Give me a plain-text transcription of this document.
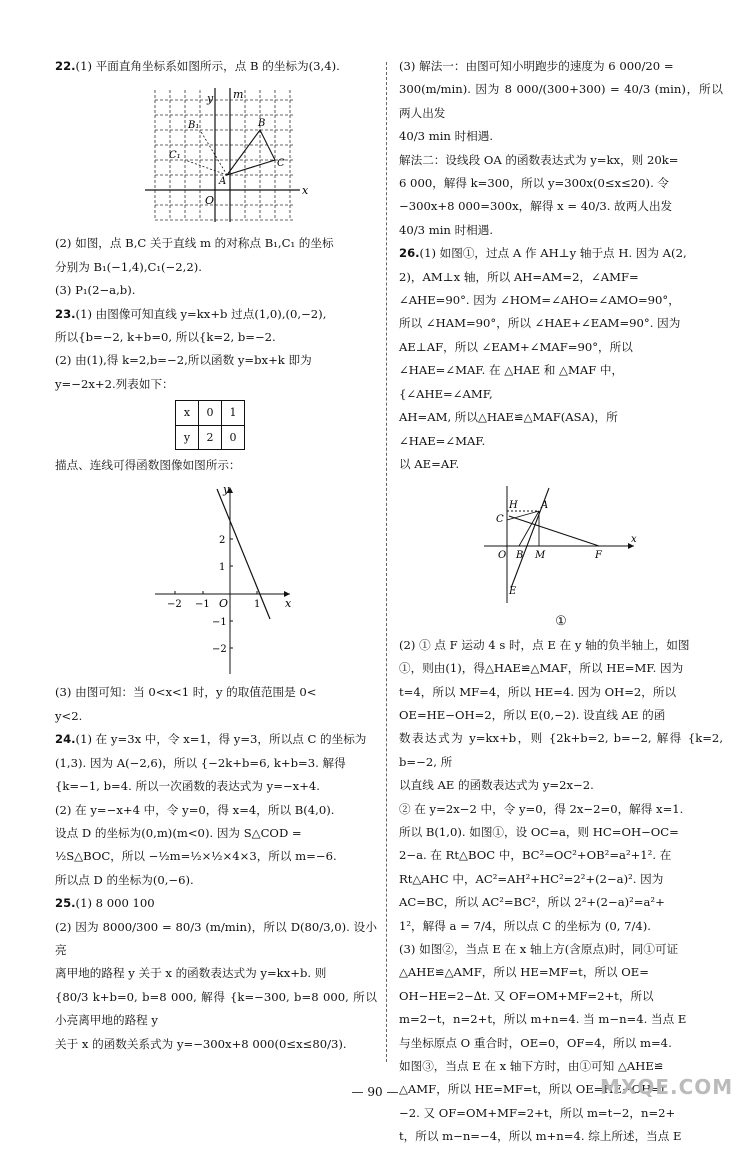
22.(1) 平面直角坐标系如图所示，点 B 的坐标为(3,4).

y m
x
O
A
B
C
B₁
C₁

(2) 如图，点 B,C 关于直线 m 的对称点 B₁,C₁ 的坐标

分别为 B₁(−1,4),C₁(−2,2).

(3) P₁(2−a,b).

23.(1) 由图像可知直线 y=kx+b 过点(1,0),(0,−2),

所以{b=−2, k+b=0, 所以{k=2, b=−2.

(2) 由(1),得 k=2,b=−2,所以函数 y=bx+k 即为

y=−2x+2.列表如下：

x	0	1
y	2	0

描点、连线可得函数图像如图所示：

y
x
O
2
1
−1
−2
−2 −1	1

(3) 由图可知：当 0<x<1 时，y 的取值范围是 0<

y<2.

24.(1) 在 y=3x 中，令 x=1，得 y=3，所以点 C 的坐标为

(1,3). 因为 A(−2,6)，所以 {−2k+b=6, k+b=3. 解得

{k=−1, b=4. 所以一次函数的表达式为 y=−x+4.

(2) 在 y=−x+4 中，令 y=0，得 x=4，所以 B(4,0).

设点 D 的坐标为(0,m)(m<0). 因为 S△COD =

½S△BOC，所以 −½m=½×½×4×3，所以 m=−6.

所以点 D 的坐标为(0,−6).

25.(1) 8 000 100

(2) 因为 8000/300 = 80/3 (m/min)，所以 D(80/3,0). 设小亮

离甲地的路程 y 关于 x 的函数表达式为 y=kx+b. 则

{80/3 k+b=0, b=8 000, 解得 {k=−300, b=8 000, 所以小亮离甲地的路程 y

关于 x 的函数关系式为 y=−300x+8 000(0≤x≤80/3).

(3) 解法一：由图可知小明跑步的速度为 6 000/20 =

300(m/min). 因为 8 000/(300+300) = 40/3 (min)，所以两人出发

40/3 min 时相遇.

解法二：设线段 OA 的函数表达式为 y=kx，则 20k=

6 000，解得 k=300，所以 y=300x(0≤x≤20). 令

−300x+8 000=300x，解得 x = 40/3. 故两人出发

40/3 min 时相遇.

26.(1) 如图①，过点 A 作 AH⊥y 轴于点 H. 因为 A(2,

2)，AM⊥x 轴，所以 AH=AM=2，∠AMF=

∠AHE=90°. 因为 ∠HOM=∠AHO=∠AMO=90°，

所以 ∠HAM=90°，所以 ∠HAE+∠EAM=90°. 因为

AE⊥AF，所以 ∠EAM+∠MAF=90°，所以

∠HAE=∠MAF. 在 △HAE 和 △MAF 中，

{∠AHE=∠AMF,

AH=AM, 所以△HAE≌△MAF(ASA)，所

∠HAE=∠MAF.

以 AE=AF.

C
H A
O B M	F
E
x

①

(2) ① 点 F 运动 4 s 时，点 E 在 y 轴的负半轴上，如图

①，则由(1)，得△HAE≌△MAF，所以 HE=MF. 因为

t=4，所以 MF=4，所以 HE=4. 因为 OH=2，所以

OE=HE−OH=2，所以 E(0,−2). 设直线 AE 的函

数表达式为 y=kx+b，则 {2k+b=2, b=−2, 解得 {k=2, b=−2, 所

以直线 AE 的函数表达式为 y=2x−2.

② 在 y=2x−2 中，令 y=0，得 2x−2=0，解得 x=1.

所以 B(1,0). 如图①，设 OC=a，则 HC=OH−OC=

2−a. 在 Rt△BOC 中，BC²=OC²+OB²=a²+1². 在

Rt△AHC 中，AC²=AH²+HC²=2²+(2−a)². 因为

AC=BC，所以 AC²=BC²，所以 2²+(2−a)²=a²+

1²，解得 a = 7/4，所以点 C 的坐标为 (0, 7/4).

(3) 如图②，当点 E 在 x 轴上方(含原点)时，同①可证

△AHE≌△AMF，所以 HE=MF=t，所以 OE=

OH−HE=2−∆t. 又 OF=OM+MF=2+t，所以

m=2−t，n=2+t，所以 m+n=4. 当 m−n=4. 当点 E

与坐标原点 O 重合时，OE=0，OF=4，所以 m=4.

如图③，当点 E 在 x 轴下方时，由①可知 △AHE≌

△AMF，所以 HE=MF=t，所以 OE=HE−OH=t

−2. 又 OF=OM+MF=2+t，所以 m=t−2，n=2+

t，所以 m−n=−4，所以 m+n=4. 综上所述，当点 E

— 90 —	MXQE.COM
